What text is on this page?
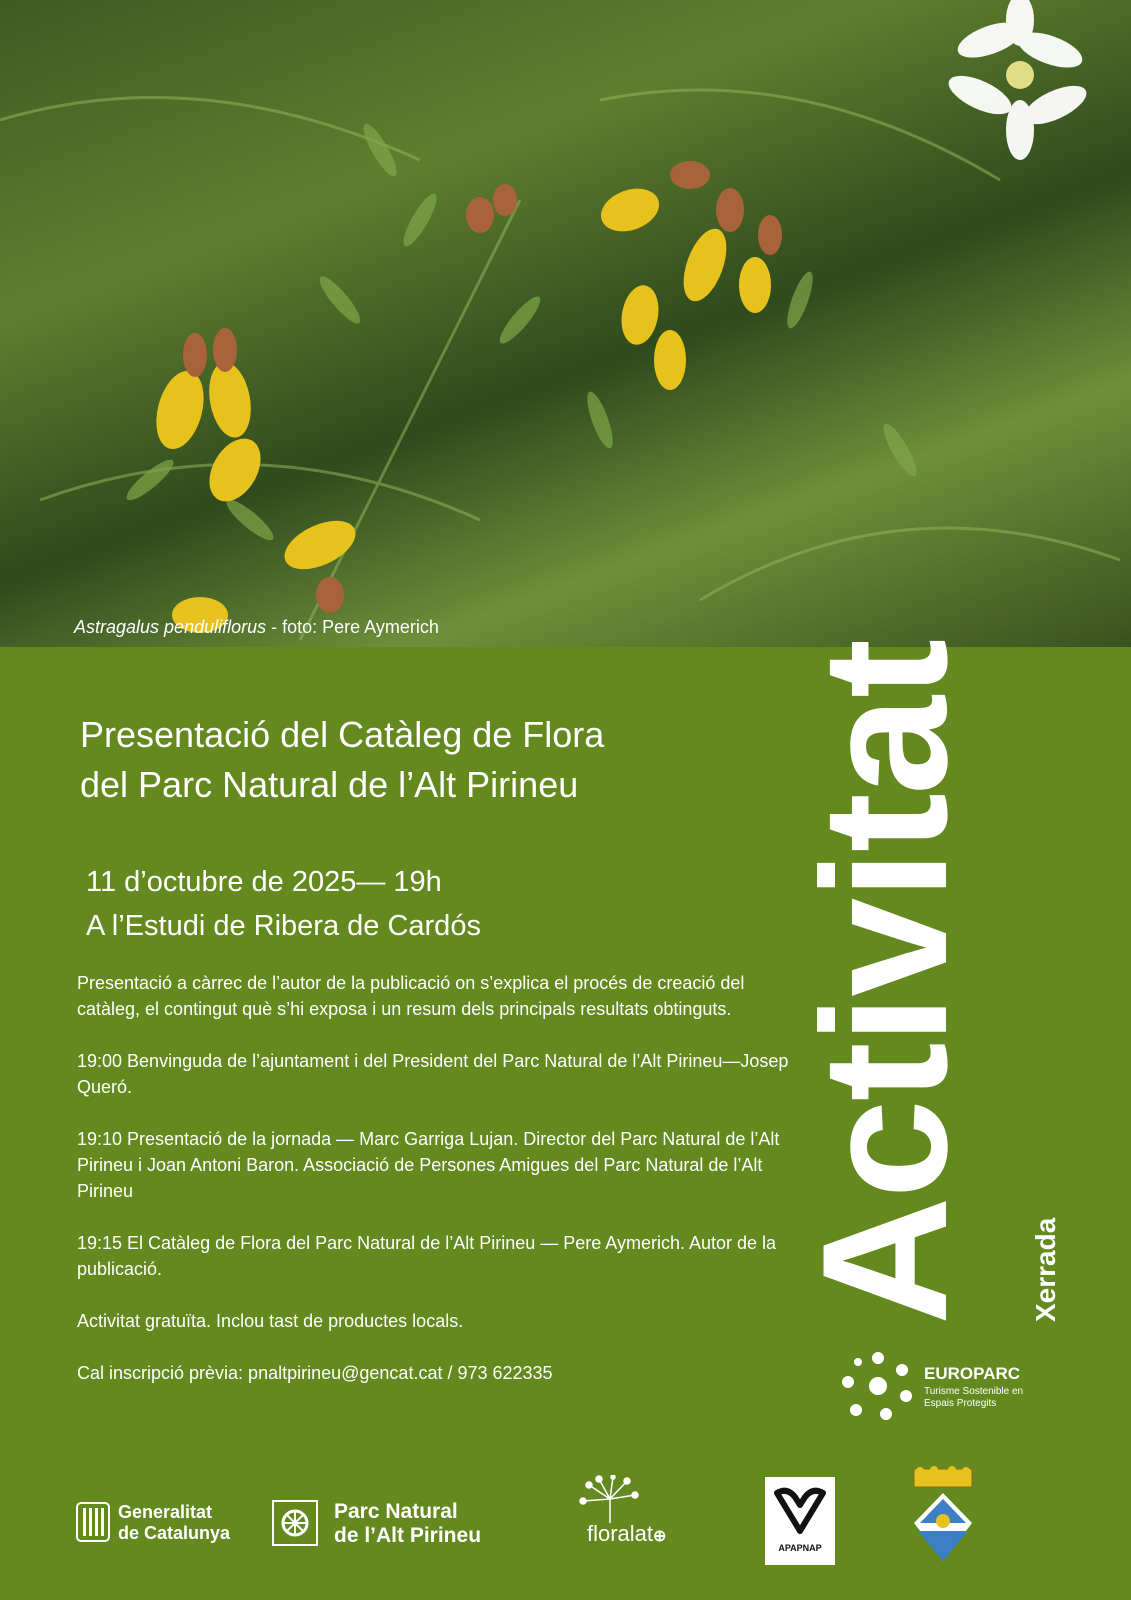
Astragalus penduliflorus - foto: Pere Aymerich
Presentació del Catàleg de Flora
del Parc Natural de l’Alt Pirineu
11 d’octubre de 2025— 19h
A l’Estudi de Ribera de Cardós

Presentació a càrrec de l’autor de la publicació on s’explica el procés de creació del catàleg, el contingut què s’hi exposa i un resum dels principals resultats obtinguts.

19:00 Benvinguda de l’ajuntament i del President del Parc Natural de l’Alt Pirineu—Josep Queró.

19:10 Presentació de la jornada — Marc Garriga Lujan. Director del Parc Natural de l’Alt Pirineu i Joan Antoni Baron. Associació de Persones Amigues del Parc Natural de l’Alt Pirineu

19:15 El Catàleg de Flora del Parc Natural de l’Alt Pirineu — Pere Aymerich. Autor de la publicació.

Activitat gratuïta. Inclou tast de productes locals.

Cal inscripció prèvia: pnaltpirineu@gencat.cat / 973 622335

Activitat Xerrada
EUROPARC
Turisme Sostenible en Espais Protegits
Generalitat
de Catalunya
Parc Natural
de l’Alt Pirineu	floralat⊕
APAPNAP
